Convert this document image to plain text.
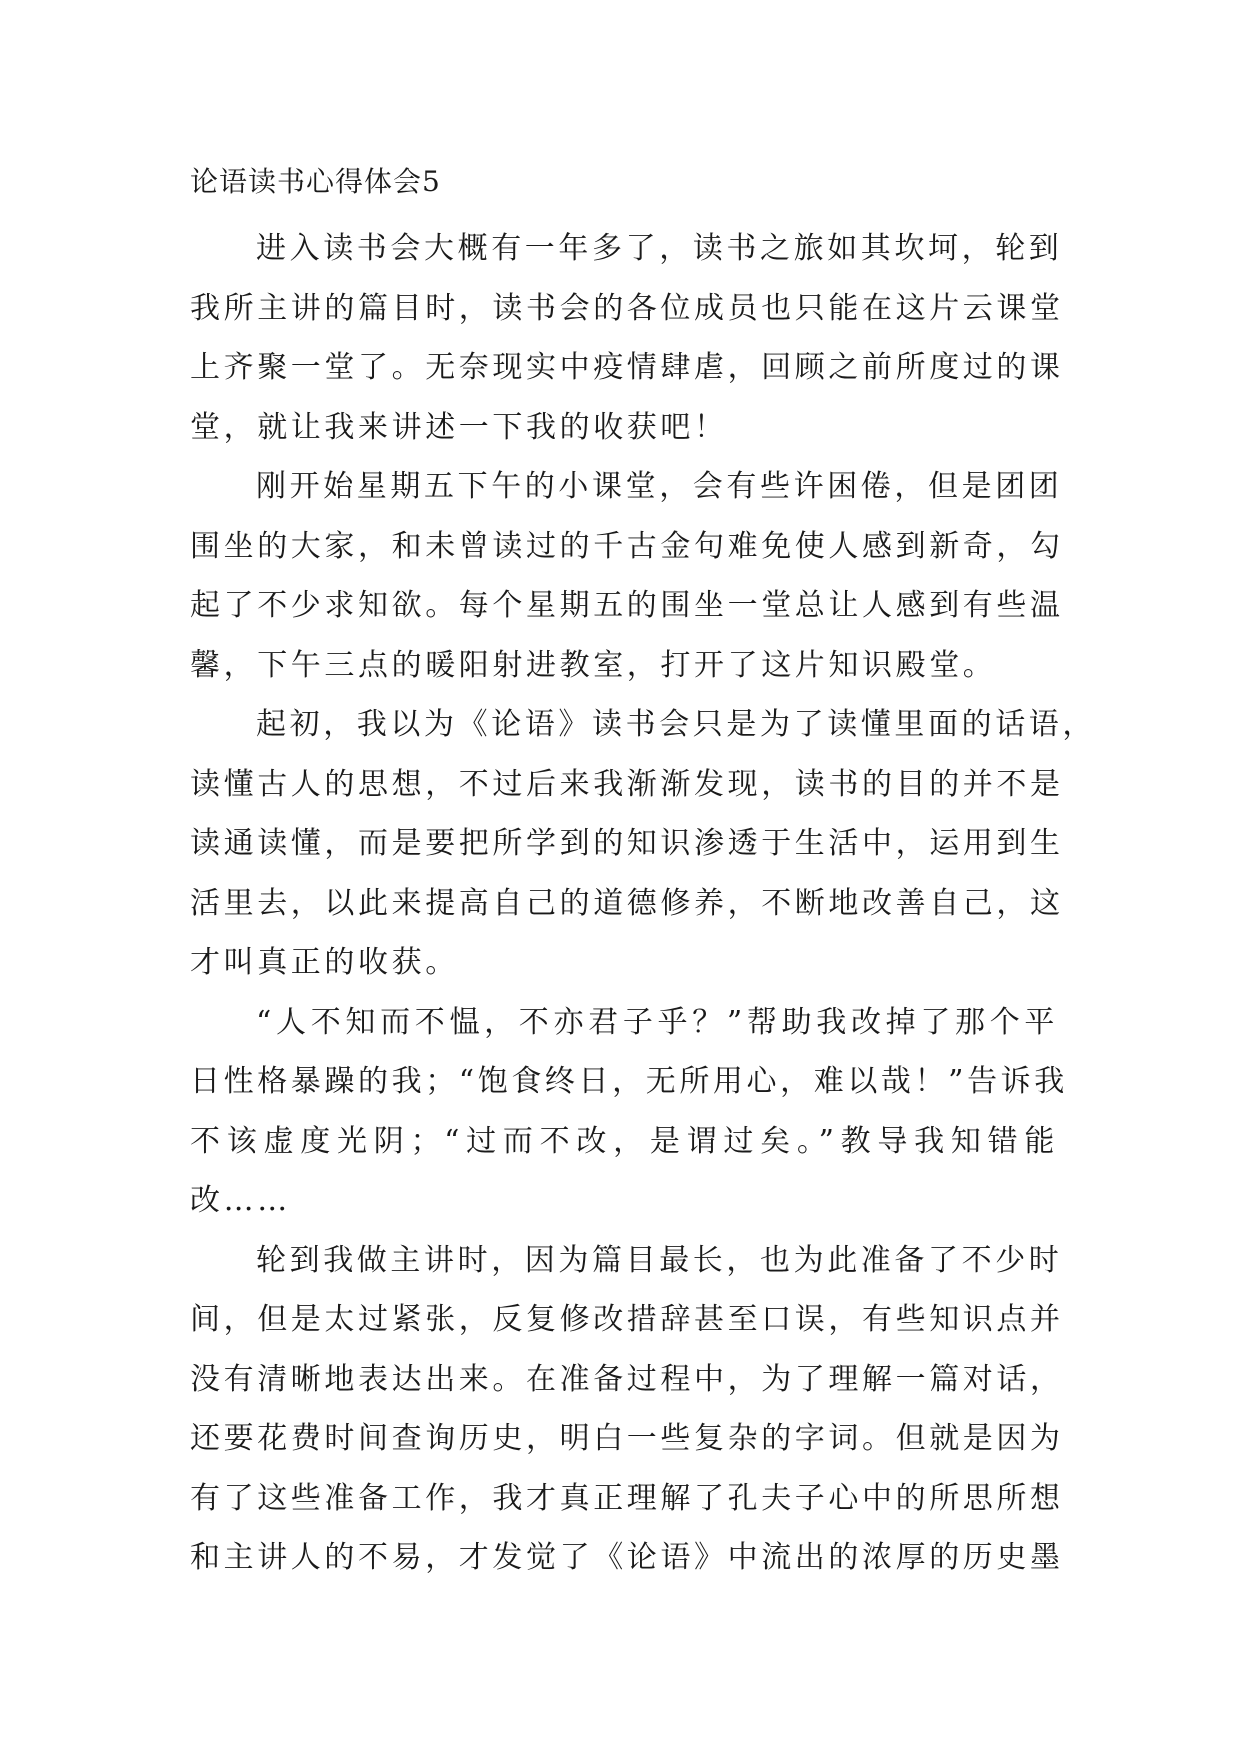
论语读书心得体会5

进入读书会大概有一年多了，读书之旅如其坎坷，轮到
我所主讲的篇目时，读书会的各位成员也只能在这片云课堂
上齐聚一堂了。无奈现实中疫情肆虐，回顾之前所度过的课
堂，就让我来讲述一下我的收获吧！

刚开始星期五下午的小课堂，会有些许困倦，但是团团
围坐的大家，和未曾读过的千古金句难免使人感到新奇，勾
起了不少求知欲。每个星期五的围坐一堂总让人感到有些温
馨，下午三点的暖阳射进教室，打开了这片知识殿堂。

起初，我以为《论语》读书会只是为了读懂里面的话语，
读懂古人的思想，不过后来我渐渐发现，读书的目的并不是
读通读懂，而是要把所学到的知识渗透于生活中，运用到生
活里去，以此来提高自己的道德修养，不断地改善自己，这
才叫真正的收获。

“人不知而不愠，不亦君子乎？”帮助我改掉了那个平
日性格暴躁的我；“饱食终日，无所用心，难以哉！”告诉我
不该虚度光阴；“过而不改，是谓过矣。”教导我知错能
改……

轮到我做主讲时，因为篇目最长，也为此准备了不少时
间，但是太过紧张，反复修改措辞甚至口误，有些知识点并
没有清晰地表达出来。在准备过程中，为了理解一篇对话，
还要花费时间查询历史，明白一些复杂的字词。但就是因为
有了这些准备工作，我才真正理解了孔夫子心中的所思所想
和主讲人的不易，才发觉了《论语》中流出的浓厚的历史墨
